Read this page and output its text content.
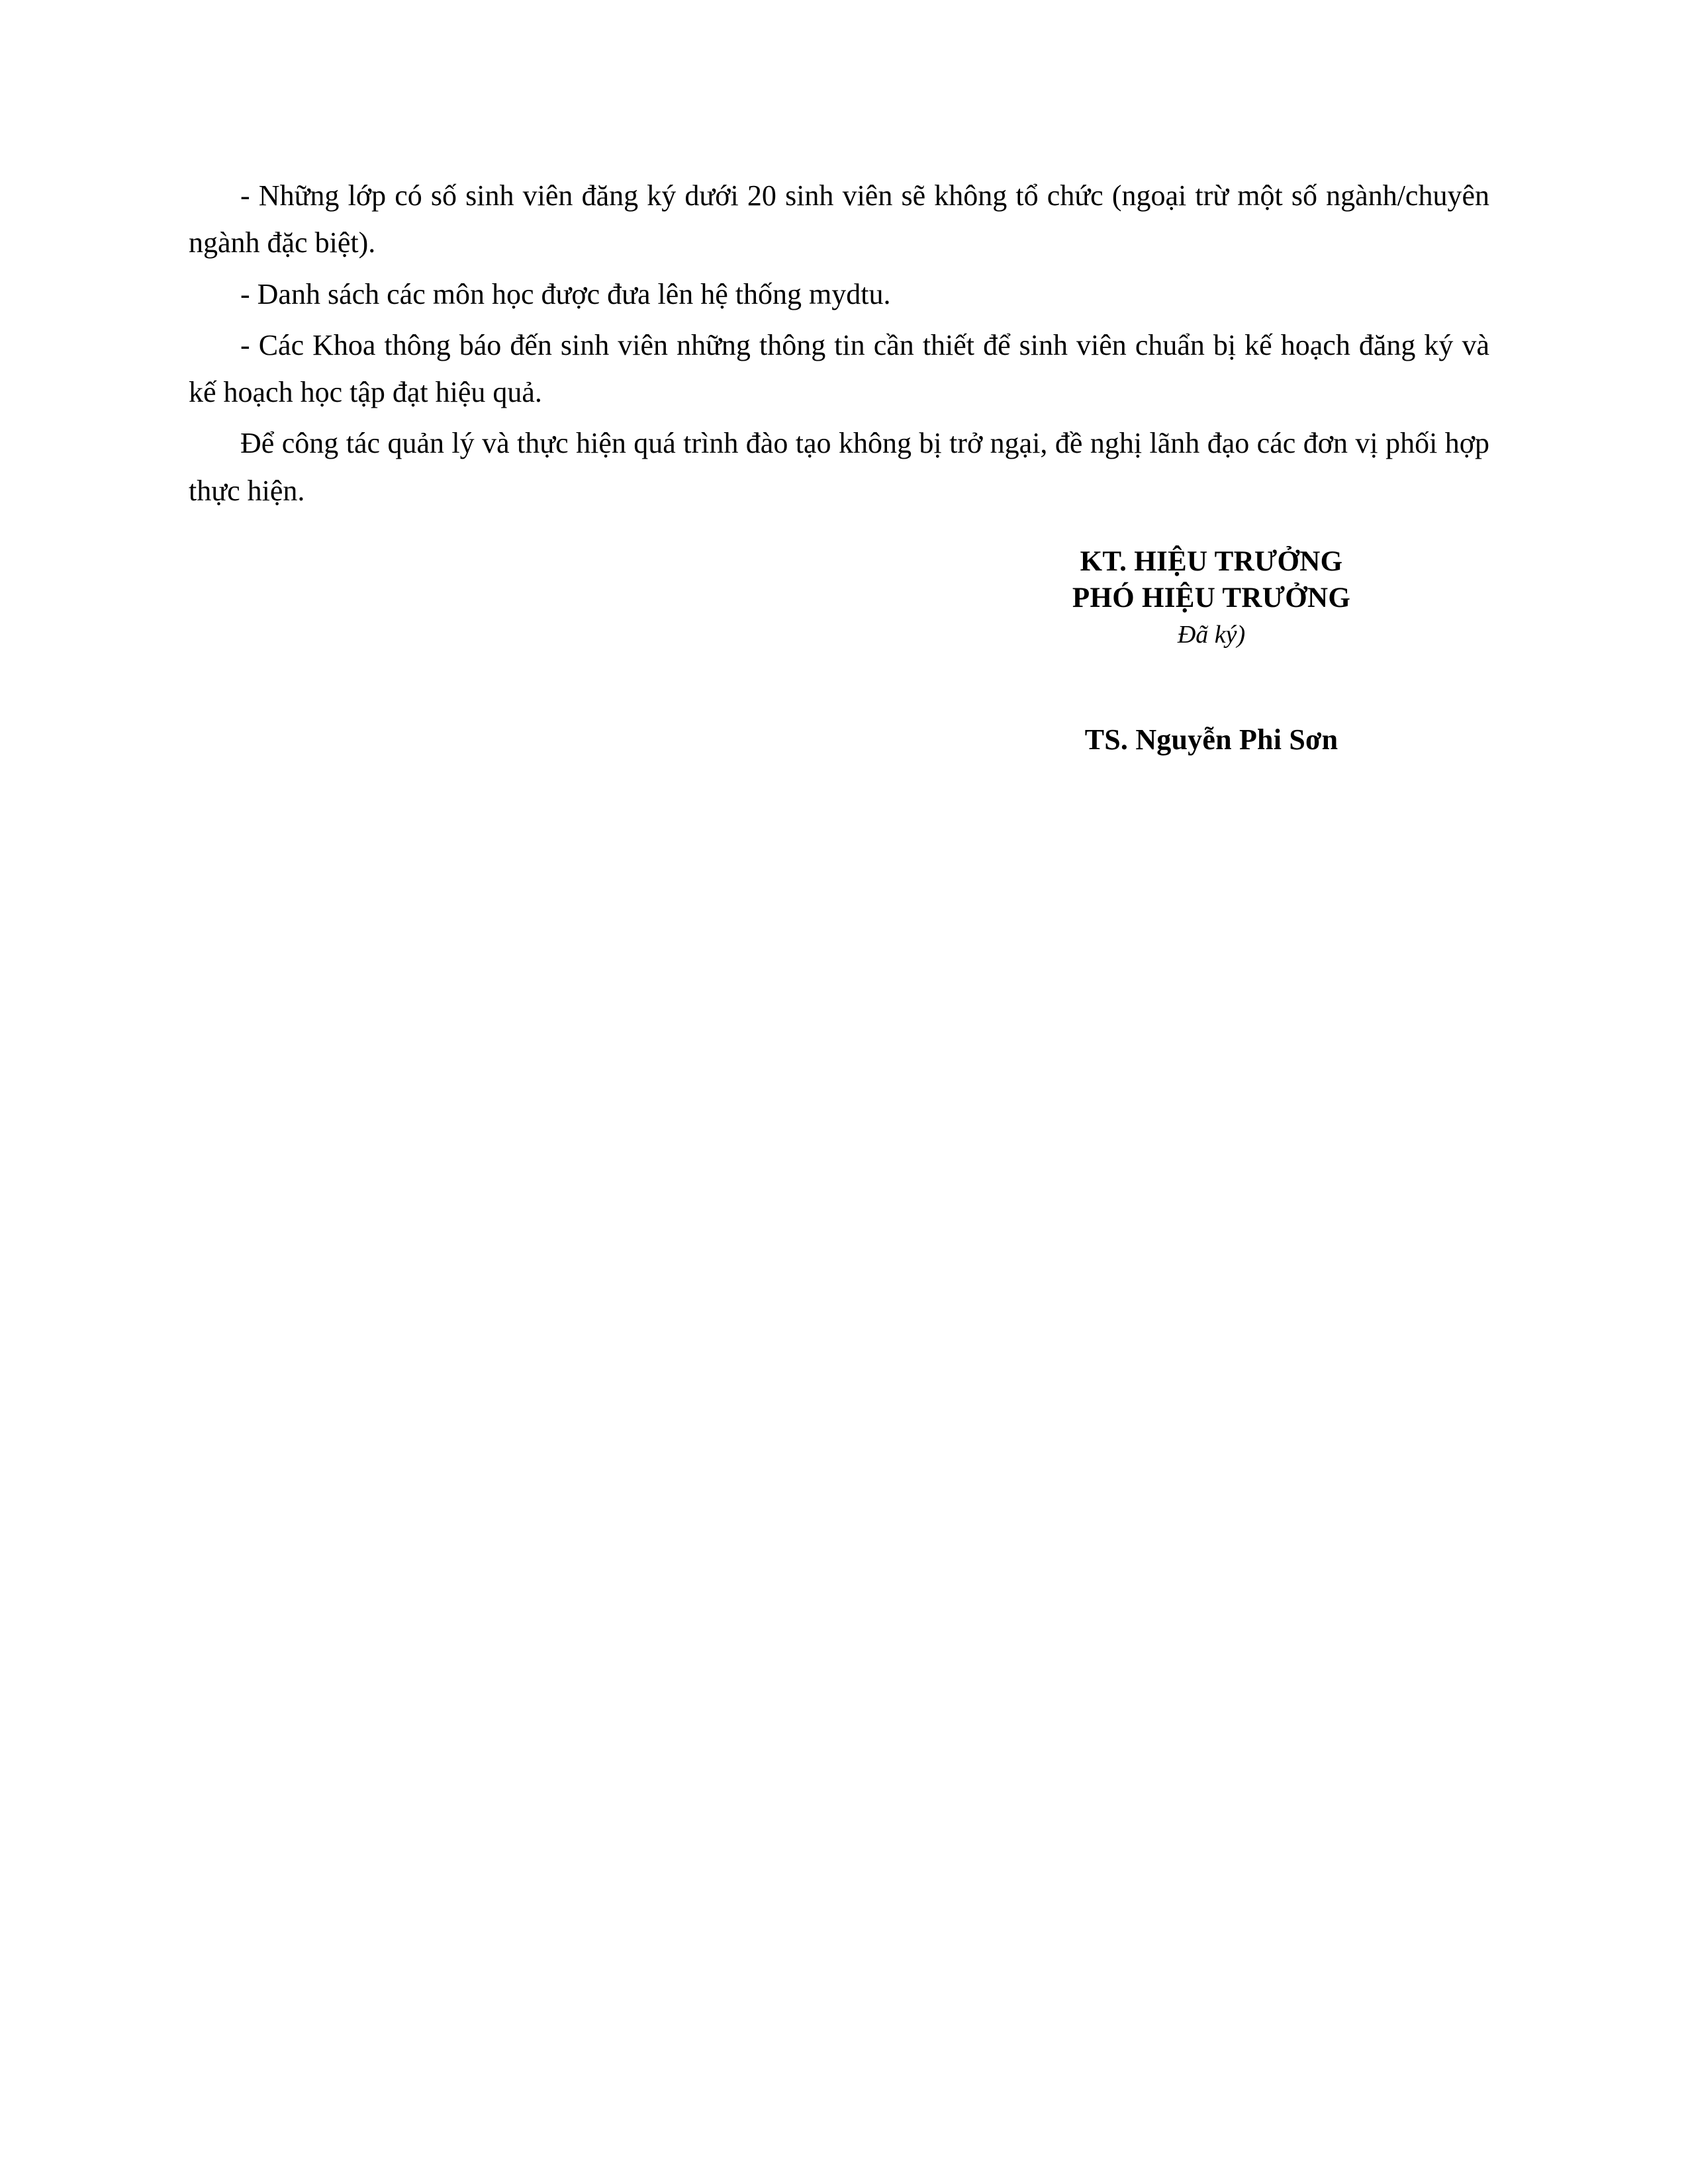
- Những lớp có số sinh viên đăng ký dưới 20 sinh viên sẽ không tổ chức (ngoại trừ một số ngành/chuyên ngành đặc biệt).

- Danh sách các môn học được đưa lên hệ thống mydtu.

- Các Khoa thông báo đến sinh viên những thông tin cần thiết để sinh viên chuẩn bị kế hoạch đăng ký và kế hoạch học tập đạt hiệu quả.

Để công tác quản lý và thực hiện quá trình đào tạo không bị trở ngại, đề nghị lãnh đạo các đơn vị phối hợp thực hiện.

KT. HIỆU TRƯỞNG
PHÓ HIỆU TRƯỞNG
Đã ký)
TS. Nguyễn Phi Sơn
